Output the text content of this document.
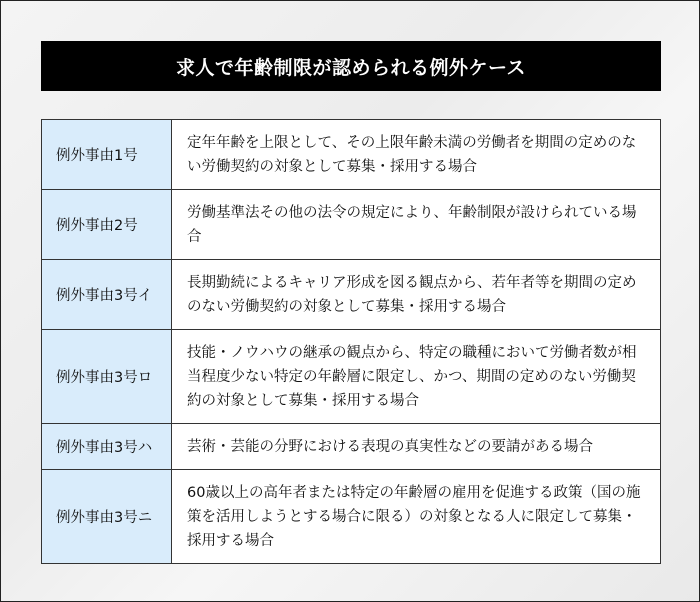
求人で年齢制限が認められる例外ケース
例外事由1号	定年年齢を上限として、その上限年齢未満の労働者を期間の定めのない労働契約の対象として募集・採用する場合
例外事由2号	労働基準法その他の法令の規定により、年齢制限が設けられている場合
例外事由3号イ	長期勤続によるキャリア形成を図る観点から、若年者等を期間の定めのない労働契約の対象として募集・採用する場合
例外事由3号ロ	技能・ノウハウの継承の観点から、特定の職種において労働者数が相当程度少ない特定の年齢層に限定し、かつ、期間の定めのない労働契約の対象として募集・採用する場合
例外事由3号ハ	芸術・芸能の分野における表現の真実性などの要請がある場合
例外事由3号ニ	60歳以上の高年者または特定の年齢層の雇用を促進する政策（国の施策を活用しようとする場合に限る）の対象となる人に限定して募集・採用する場合
